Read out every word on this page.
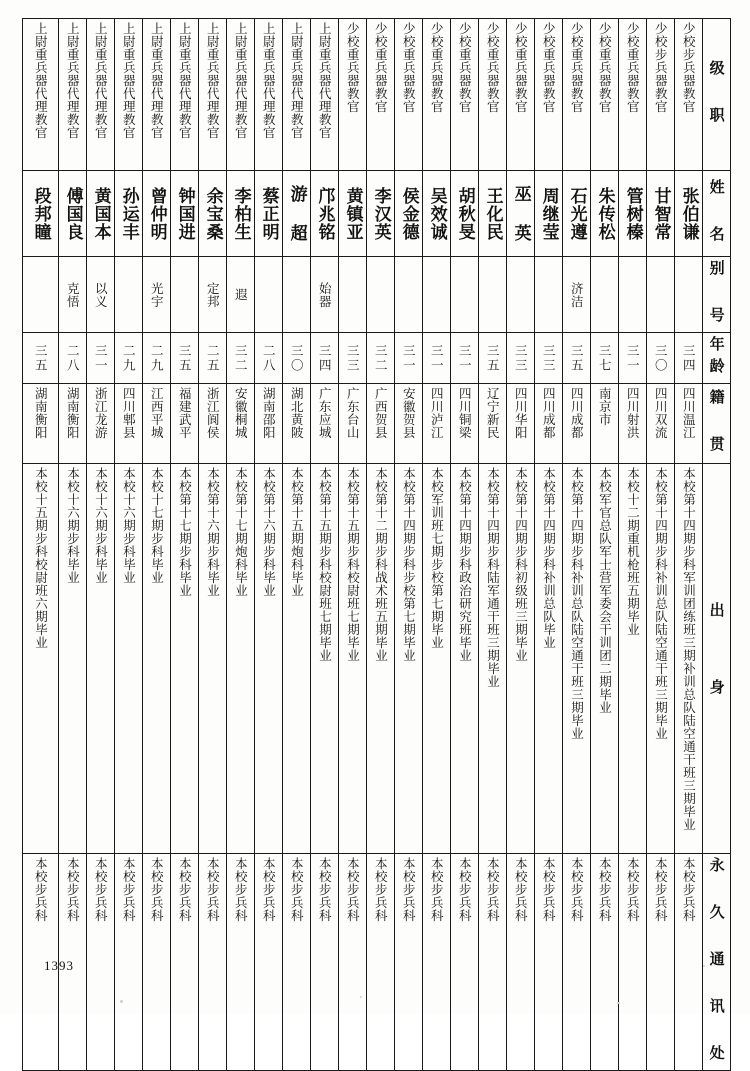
上尉重兵器代理教官	上尉重兵器代理教官	上尉重兵器代理教官	上尉重兵器代理教官	上尉重兵器代理教官	上尉重兵器代理教官	上尉重兵器代理教官	上尉重兵器代理教官	上尉重兵器代理教官	上尉重兵器代理教官	上尉重兵器代理教官	少校重兵器教官	少校重兵器教官	少校重兵器教官	少校重兵器教官	少校重兵器教官	少校重兵器教官	少校重兵器教官	少校重兵器教官	少校重兵器教官	少校重兵器教官	少校重兵器教官	少校步兵器教官	少校步兵器教官	级 职

段邦瞳	傅国良	黄国本	孙运丰	曾仲明	钟国进	余宝桑	李柏生	蔡正明	游 超	邝兆铭	黄镇亚	李汉英	侯金德	吴效诚	胡秋旻	王化民	巫 英	周继莹	石光遵	朱传松	管树榛	甘智常	张伯谦	姓 名

	克悟	以义		光宇		定邦	遐			始器									济洁					别 号

三五	二八	三一	二九	二九	三五	二五	三二	二八	三〇	三四	三三	三二	三一	三一	三一	三五	三三	三三	三五	三七	三一	三〇	三四	年龄

湖南衡阳	湖南衡阳	浙江龙游	四川郫县	江西平城	福建武平	浙江阆侯	安徽桐城	湖南邵阳	湖北黄陂	广东应城	广东台山	广西贺县	安徽贺县	四川泸江	四川铜梁	辽宁新民	四川华阳	四川成都	四川成都	南京市	四川射洪	四川双流	四川温江	籍 贯

本校十五期步科校尉班六期毕业	本校十六期步科毕业	本校十六期步科毕业	本校十六期步科毕业	本校十七期步科毕业	本校第十七期步科毕业	本校第十六期步科毕业	本校第十七期炮科毕业	本校第十六期步科毕业	本校第十五期炮科毕业	本校第十五期步科校尉班七期毕业	本校第十五期步科校尉班七期毕业	本校第十二期步科战术班五期毕业	本校第十四期步科步校第七期毕业	本校军训班七期步校第七期毕业	本校第十四期步科政治研究班毕业	本校第十四期步科陆军通干班三期毕业	本校第十四期步科初级班三期毕业	本校第十四期步科补训总队毕业	本校第十四期步科补训总队陆空通干班三期毕业	本校军官总队军士营军委会干训团二期毕业	本校十二期重机枪班五期毕业	本校第十四期步科补训总队陆空通干班三期毕业	本校第十四期步科军训团练班三期补训总队陆空通干班三期毕业	出 身

本校步兵科	本校步兵科	本校步兵科	本校步兵科	本校步兵科	本校步兵科	本校步兵科	本校步兵科	本校步兵科	本校步兵科	本校步兵科	本校步兵科	本校步兵科	本校步兵科	本校步兵科	本校步兵科	本校步兵科	本校步兵科	本校步兵科	本校步兵科	本校步兵科	本校步兵科	本校步兵科	本校步兵科	永 久 通 讯 处
1393
